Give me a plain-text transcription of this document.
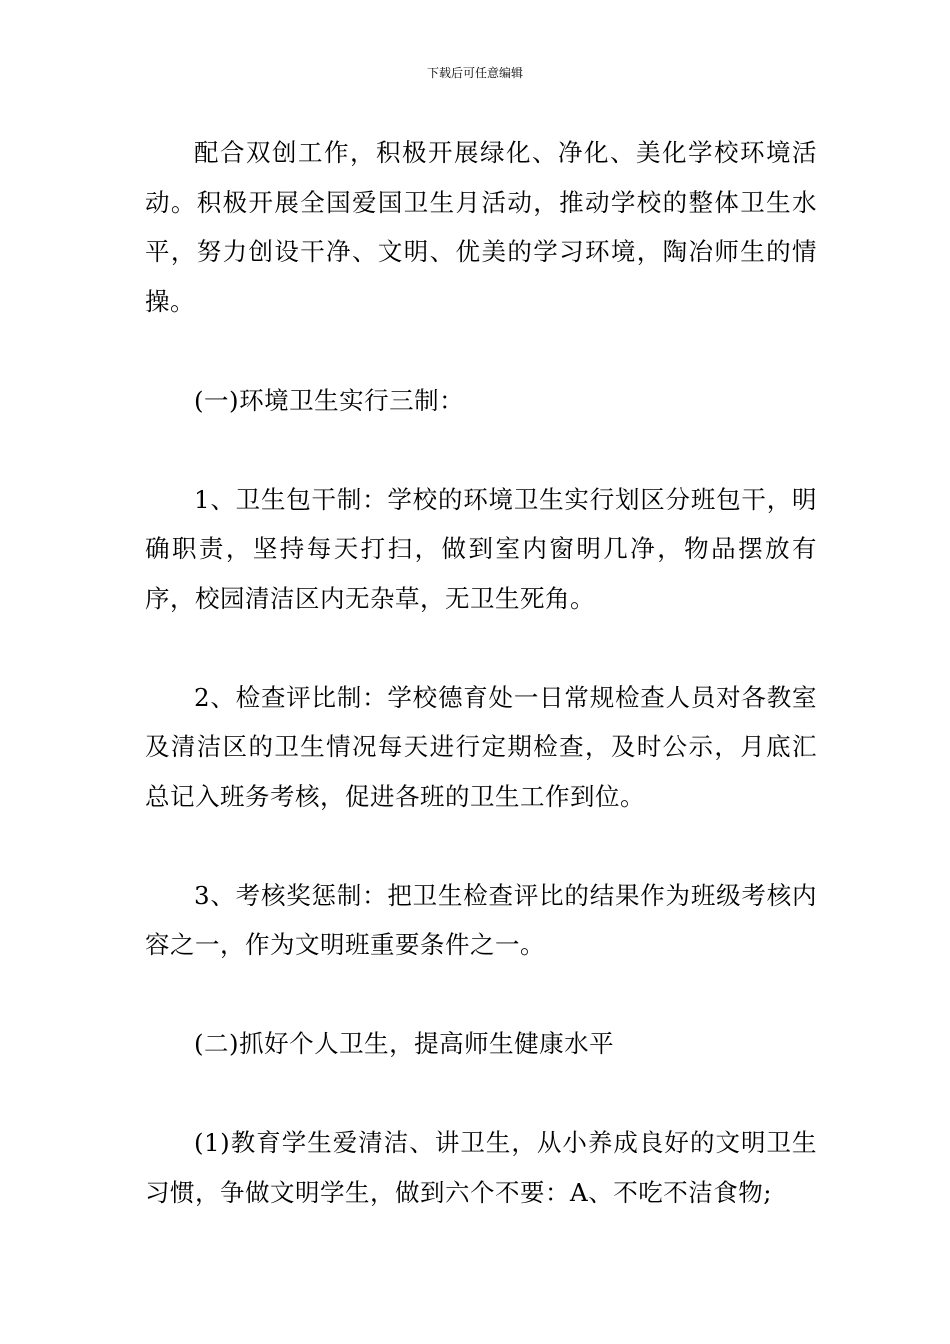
下载后可任意编辑

配合双创工作，积极开展绿化、净化、美化学校环境活动。积极开展全国爱国卫生月活动，推动学校的整体卫生水平，努力创设干净、文明、优美的学习环境，陶冶师生的情操。

(一)环境卫生实行三制：

1、卫生包干制：学校的环境卫生实行划区分班包干，明确职责，坚持每天打扫，做到室内窗明几净，物品摆放有序，校园清洁区内无杂草，无卫生死角。

2、检查评比制：学校德育处一日常规检查人员对各教室及清洁区的卫生情况每天进行定期检查，及时公示，月底汇总记入班务考核，促进各班的卫生工作到位。

3、考核奖惩制：把卫生检查评比的结果作为班级考核内容之一，作为文明班重要条件之一。

(二)抓好个人卫生，提高师生健康水平

(1)教育学生爱清洁、讲卫生，从小养成良好的文明卫生习惯，争做文明学生，做到六个不要：A、不吃不洁食物;
